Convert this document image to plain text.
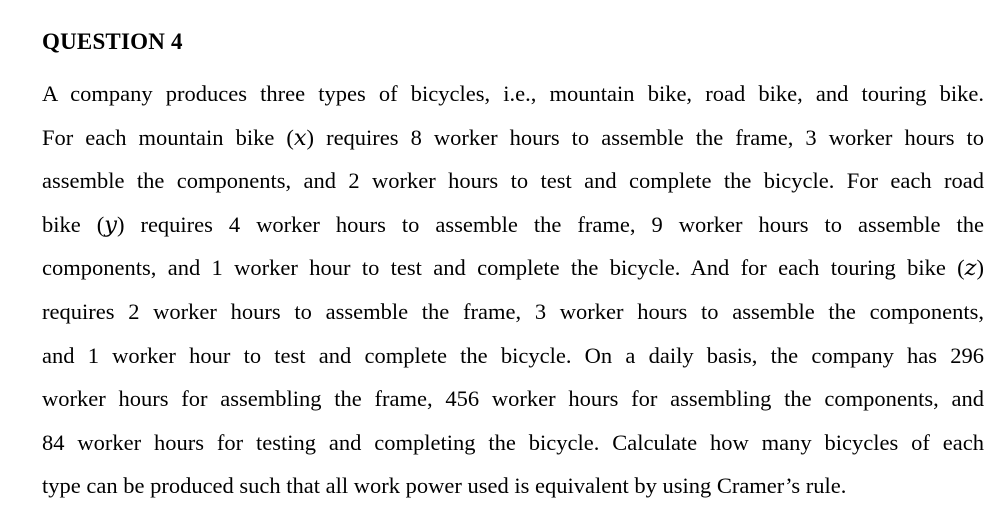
QUESTION 4
A company produces three types of bicycles, i.e., mountain bike, road bike, and touring bike.
For each mountain bike (𝑥) requires 8 worker hours to assemble the frame, 3 worker hours to
assemble the components, and 2 worker hours to test and complete the bicycle. For each road
bike (𝑦) requires 4 worker hours to assemble the frame, 9 worker hours to assemble the
components, and 1 worker hour to test and complete the bicycle. And for each touring bike (𝑧)
requires 2 worker hours to assemble the frame, 3 worker hours to assemble the components,
and 1 worker hour to test and complete the bicycle. On a daily basis, the company has 296
worker hours for assembling the frame, 456 worker hours for assembling the components, and
84 worker hours for testing and completing the bicycle. Calculate how many bicycles of each
type can be produced such that all work power used is equivalent by using Cramer’s rule.
